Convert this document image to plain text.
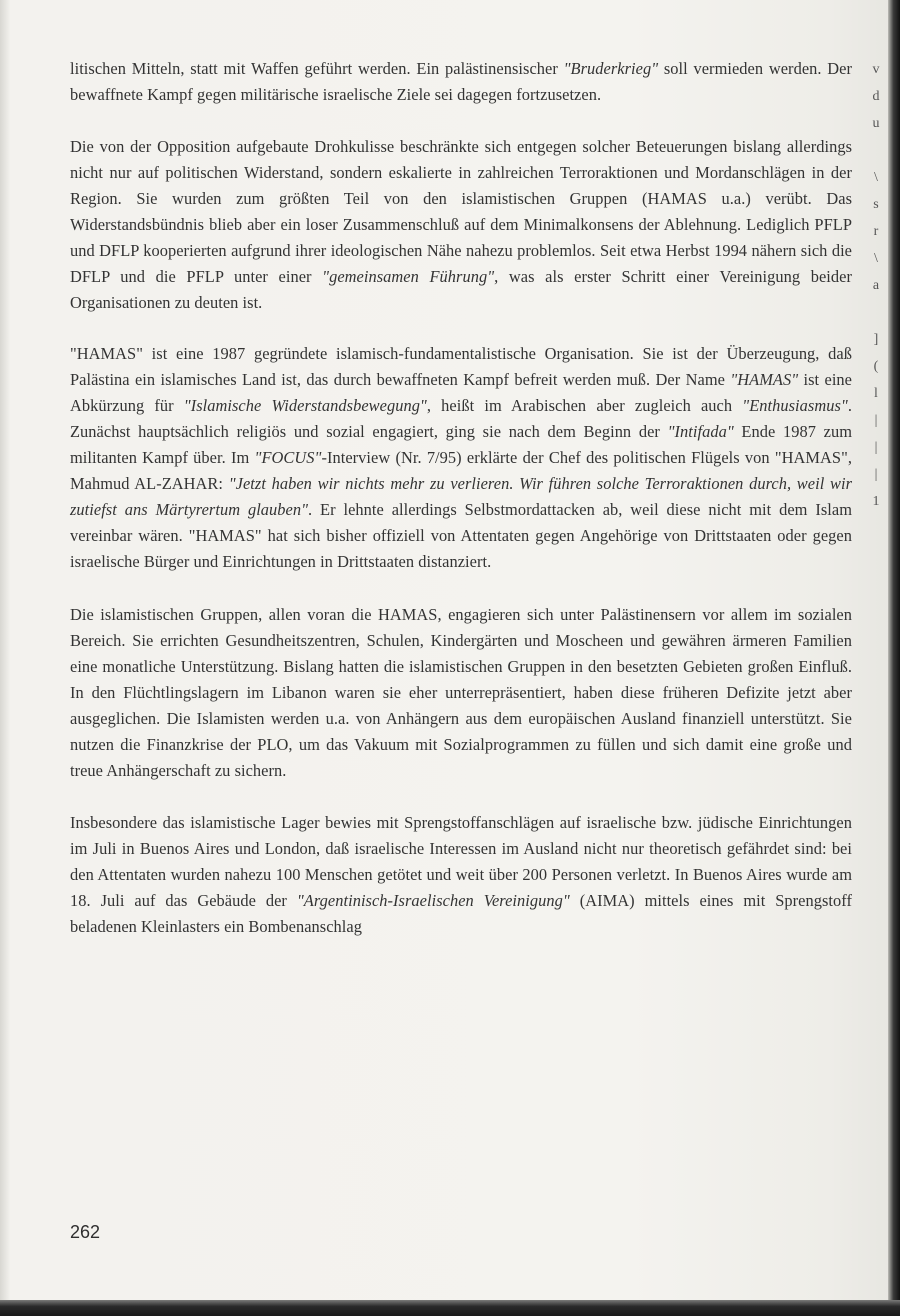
litischen Mitteln, statt mit Waffen geführt werden. Ein palästinensischer "Bruderkrieg" soll vermieden werden. Der bewaffnete Kampf gegen militärische israelische Ziele sei dagegen fortzusetzen.

Die von der Opposition aufgebaute Drohkulisse beschränkte sich entgegen solcher Beteuerungen bislang allerdings nicht nur auf politischen Widerstand, sondern eskalierte in zahlreichen Terroraktionen und Mordanschlägen in der Region. Sie wurden zum größten Teil von den islamistischen Gruppen (HAMAS u.a.) verübt. Das Widerstandsbündnis blieb aber ein loser Zusammenschluß auf dem Minimalkonsens der Ablehnung. Lediglich PFLP und DFLP kooperierten aufgrund ihrer ideologischen Nähe nahezu problemlos. Seit etwa Herbst 1994 nähern sich die DFLP und die PFLP unter einer "gemeinsamen Führung", was als erster Schritt einer Vereinigung beider Organisationen zu deuten ist.

"HAMAS" ist eine 1987 gegründete islamisch-fundamentalistische Organisation. Sie ist der Überzeugung, daß Palästina ein islamisches Land ist, das durch bewaffneten Kampf befreit werden muß. Der Name "HAMAS" ist eine Abkürzung für "Islamische Widerstandsbewegung", heißt im Arabischen aber zugleich auch "Enthusiasmus". Zunächst hauptsächlich religiös und sozial engagiert, ging sie nach dem Beginn der "Intifada" Ende 1987 zum militanten Kampf über. Im "FOCUS"-Interview (Nr. 7/95) erklärte der Chef des politischen Flügels von "HAMAS", Mahmud AL-ZAHAR: "Jetzt haben wir nichts mehr zu verlieren. Wir führen solche Terroraktionen durch, weil wir zutiefst ans Märtyrertum glauben". Er lehnte allerdings Selbstmordattacken ab, weil diese nicht mit dem Islam vereinbar wären. "HAMAS" hat sich bisher offiziell von Attentaten gegen Angehörige von Drittstaaten oder gegen israelische Bürger und Einrichtungen in Drittstaaten distanziert.

Die islamistischen Gruppen, allen voran die HAMAS, engagieren sich unter Palästinensern vor allem im sozialen Bereich. Sie errichten Gesundheitszentren, Schulen, Kindergärten und Moscheen und gewähren ärmeren Familien eine monatliche Unterstützung. Bislang hatten die islamistischen Gruppen in den besetzten Gebieten großen Einfluß. In den Flüchtlingslagern im Libanon waren sie eher unterrepräsentiert, haben diese früheren Defizite jetzt aber ausgeglichen. Die Islamisten werden u.a. von Anhängern aus dem europäischen Ausland finanziell unterstützt. Sie nutzen die Finanzkrise der PLO, um das Vakuum mit Sozialprogrammen zu füllen und sich damit eine große und treue Anhängerschaft zu sichern.

Insbesondere das islamistische Lager bewies mit Sprengstoffanschlägen auf israelische bzw. jüdische Einrichtungen im Juli in Buenos Aires und London, daß israelische Interessen im Ausland nicht nur theoretisch gefährdet sind: bei den Attentaten wurden nahezu 100 Menschen getötet und weit über 200 Personen verletzt. In Buenos Aires wurde am 18. Juli auf das Gebäude der "Argentinisch-Israelischen Vereinigung" (AIMA) mittels eines mit Sprengstoff beladenen Kleinlasters ein Bombenanschlag

262
v
d
u
\
s
r
\
a
]
(
l
|
|
|
1
